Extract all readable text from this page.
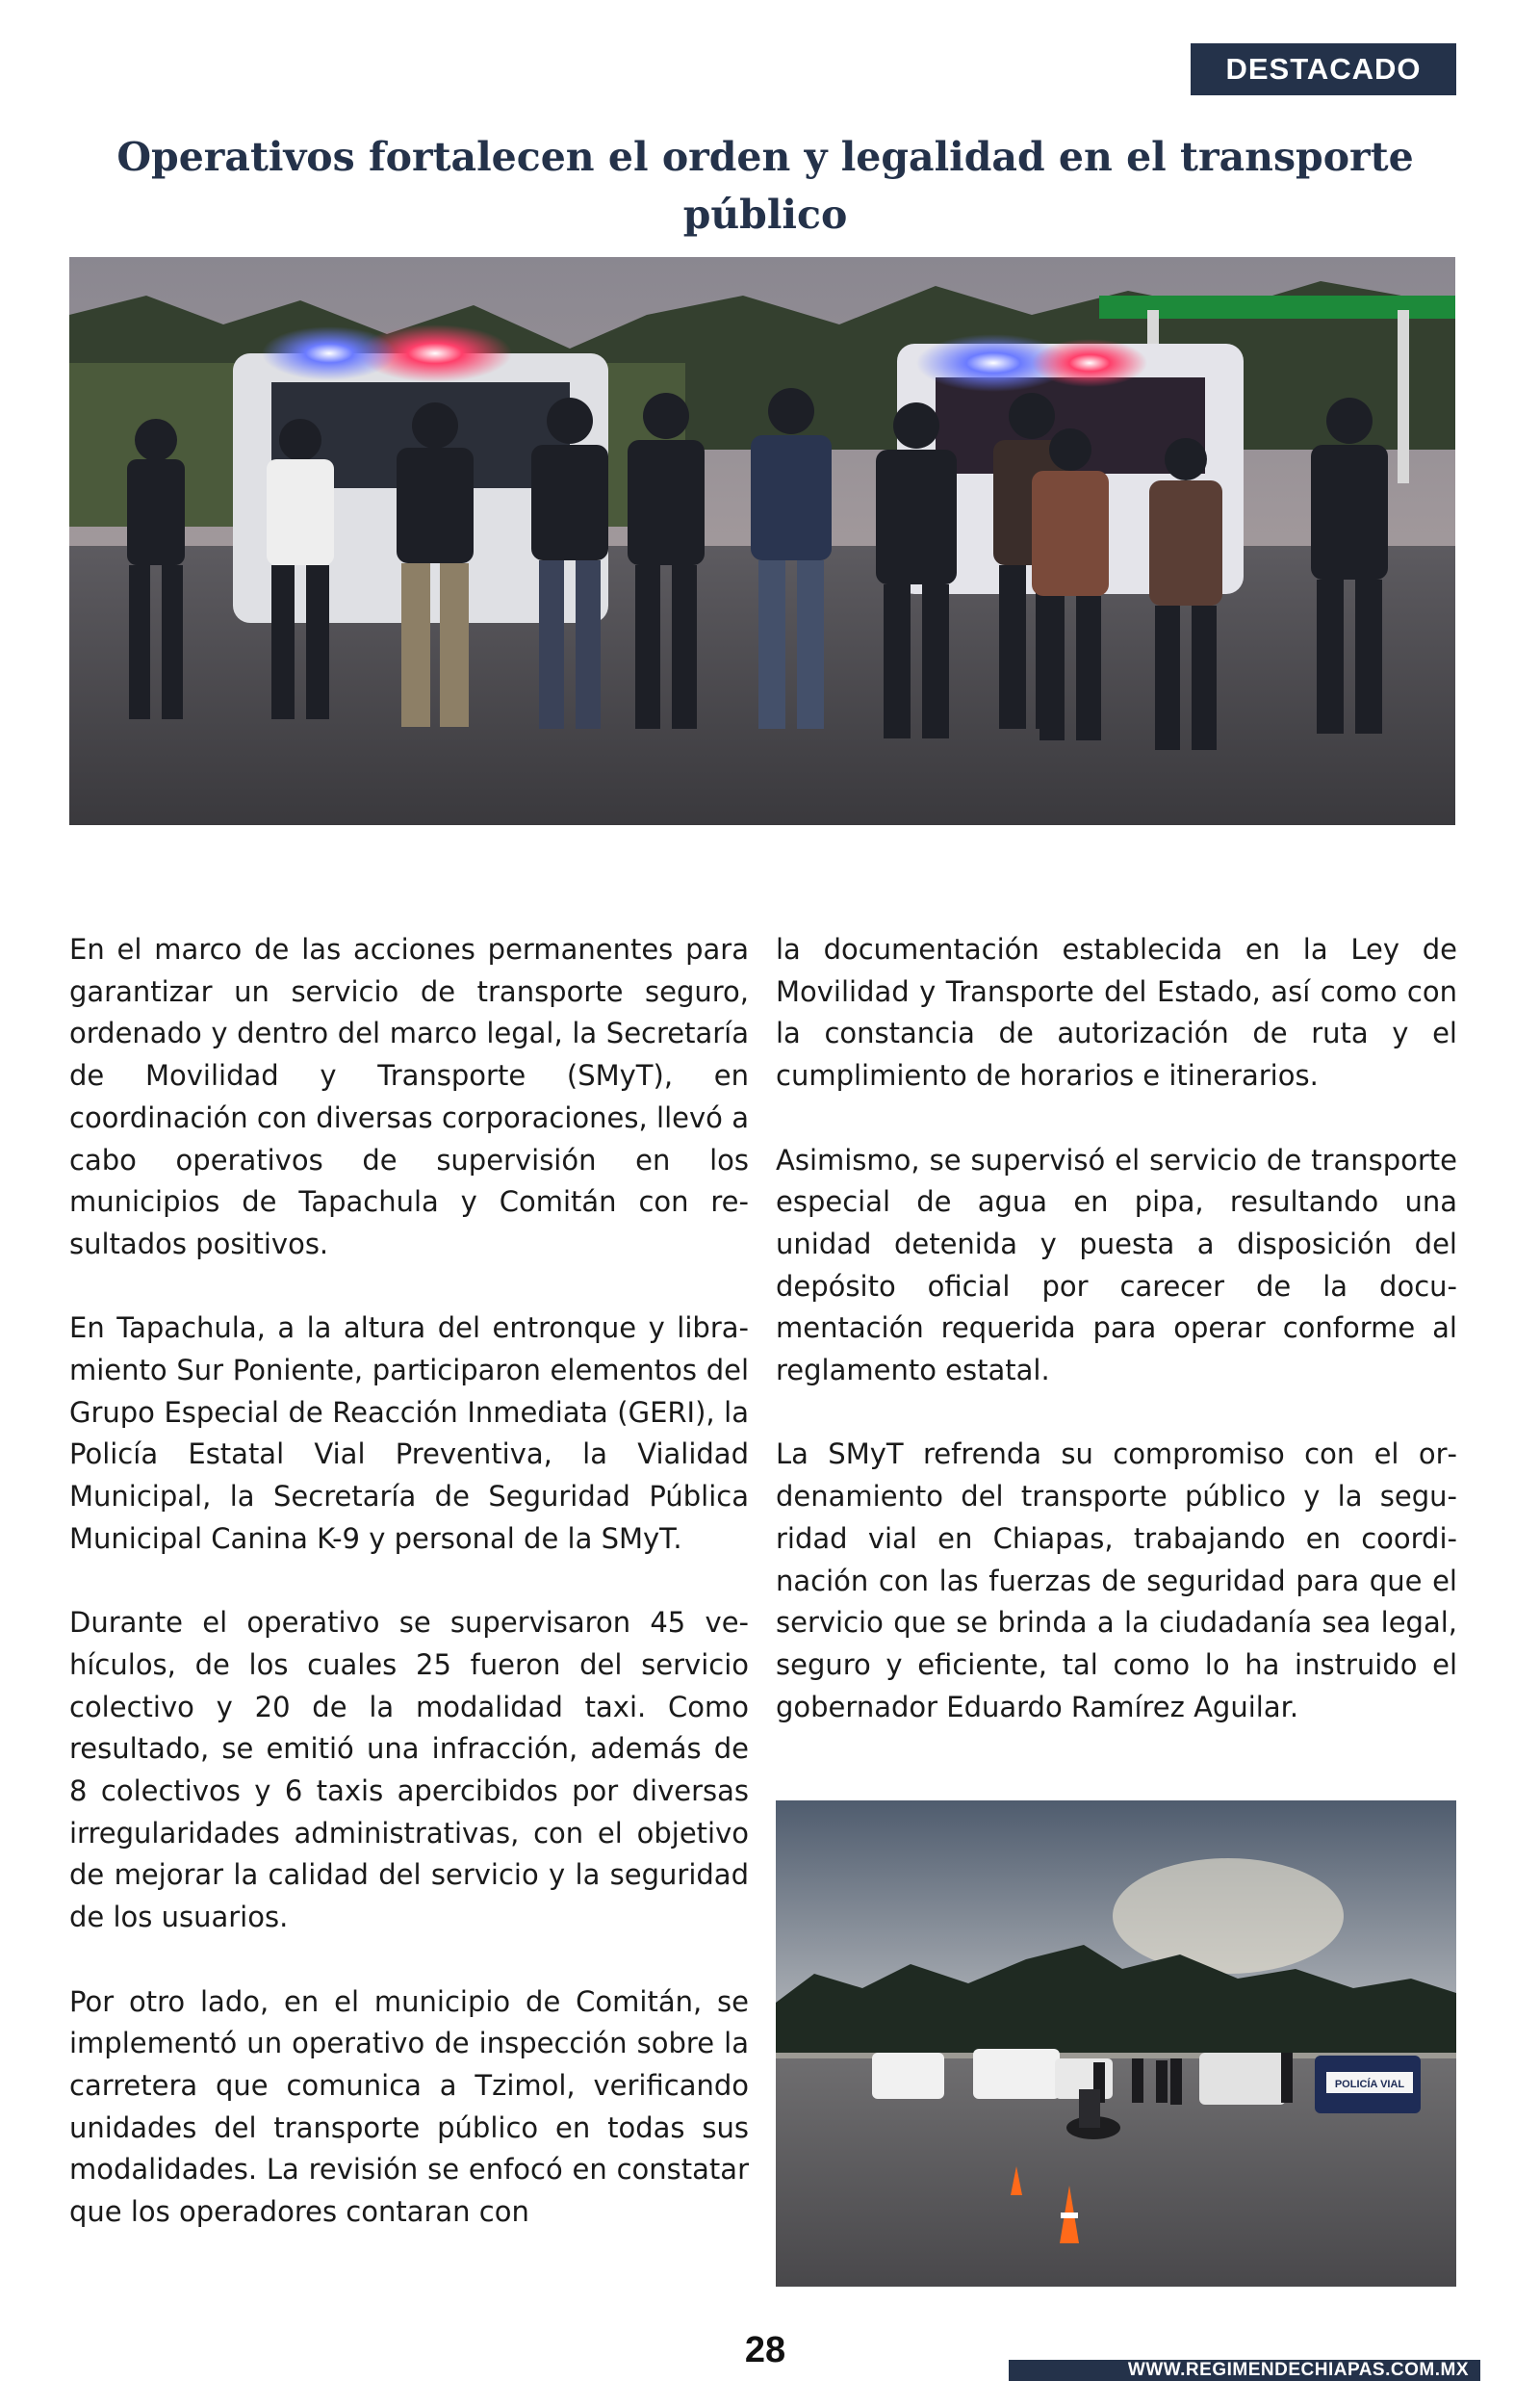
DESTACADO
Operativos fortalecen el orden y legalidad en el transporte público

En el marco de las acciones permanentes para garantizar un servicio de transporte seguro, ordenado y dentro del marco legal, la Secretaría de Movilidad y Transporte (SMyT), en coordinación con diversas corporaciones, llevó a cabo operativos de supervisión en los municipios de Tapachula y Comitán con resultados positivos.

En Tapachula, a la altura del entronque y libramiento Sur Poniente, participaron elementos del Grupo Especial de Reacción Inmediata (GERI), la Policía Estatal Vial Preventiva, la Vialidad Municipal, la Secretaría de Seguridad Pública Municipal Canina K-9 y personal de la SMyT.

Durante el operativo se supervisaron 45 vehículos, de los cuales 25 fueron del servicio colectivo y 20 de la modalidad taxi. Como resultado, se emitió una infracción, además de 8 colectivos y 6 taxis apercibidos por diversas irregularidades administrativas, con el objetivo de mejorar la calidad del servicio y la seguridad de los usuarios.

Por otro lado, en el municipio de Comitán, se implementó un operativo de inspección sobre la carretera que comunica a Tzimol, verificando unidades del transporte público en todas sus modalidades. La revisión se enfocó en constatar que los operadores contaran con

la documentación establecida en la Ley de Movilidad y Transporte del Estado, así como con la constancia de autorización de ruta y el cumplimiento de horarios e itinerarios.

Asimismo, se supervisó el servicio de transporte especial de agua en pipa, resultando una unidad detenida y puesta a disposición del depósito oficial por carecer de la documentación requerida para operar conforme al reglamento estatal.

La SMyT refrenda su compromiso con el ordenamiento del transporte público y la seguridad vial en Chiapas, trabajando en coordinación con las fuerzas de seguridad para que el servicio que se brinda a la ciudadanía sea legal, seguro y eficiente, tal como lo ha instruido el gobernador Eduardo Ramírez Aguilar.

POLICÍA VIAL
28	WWW.REGIMENDECHIAPAS.COM.MX
